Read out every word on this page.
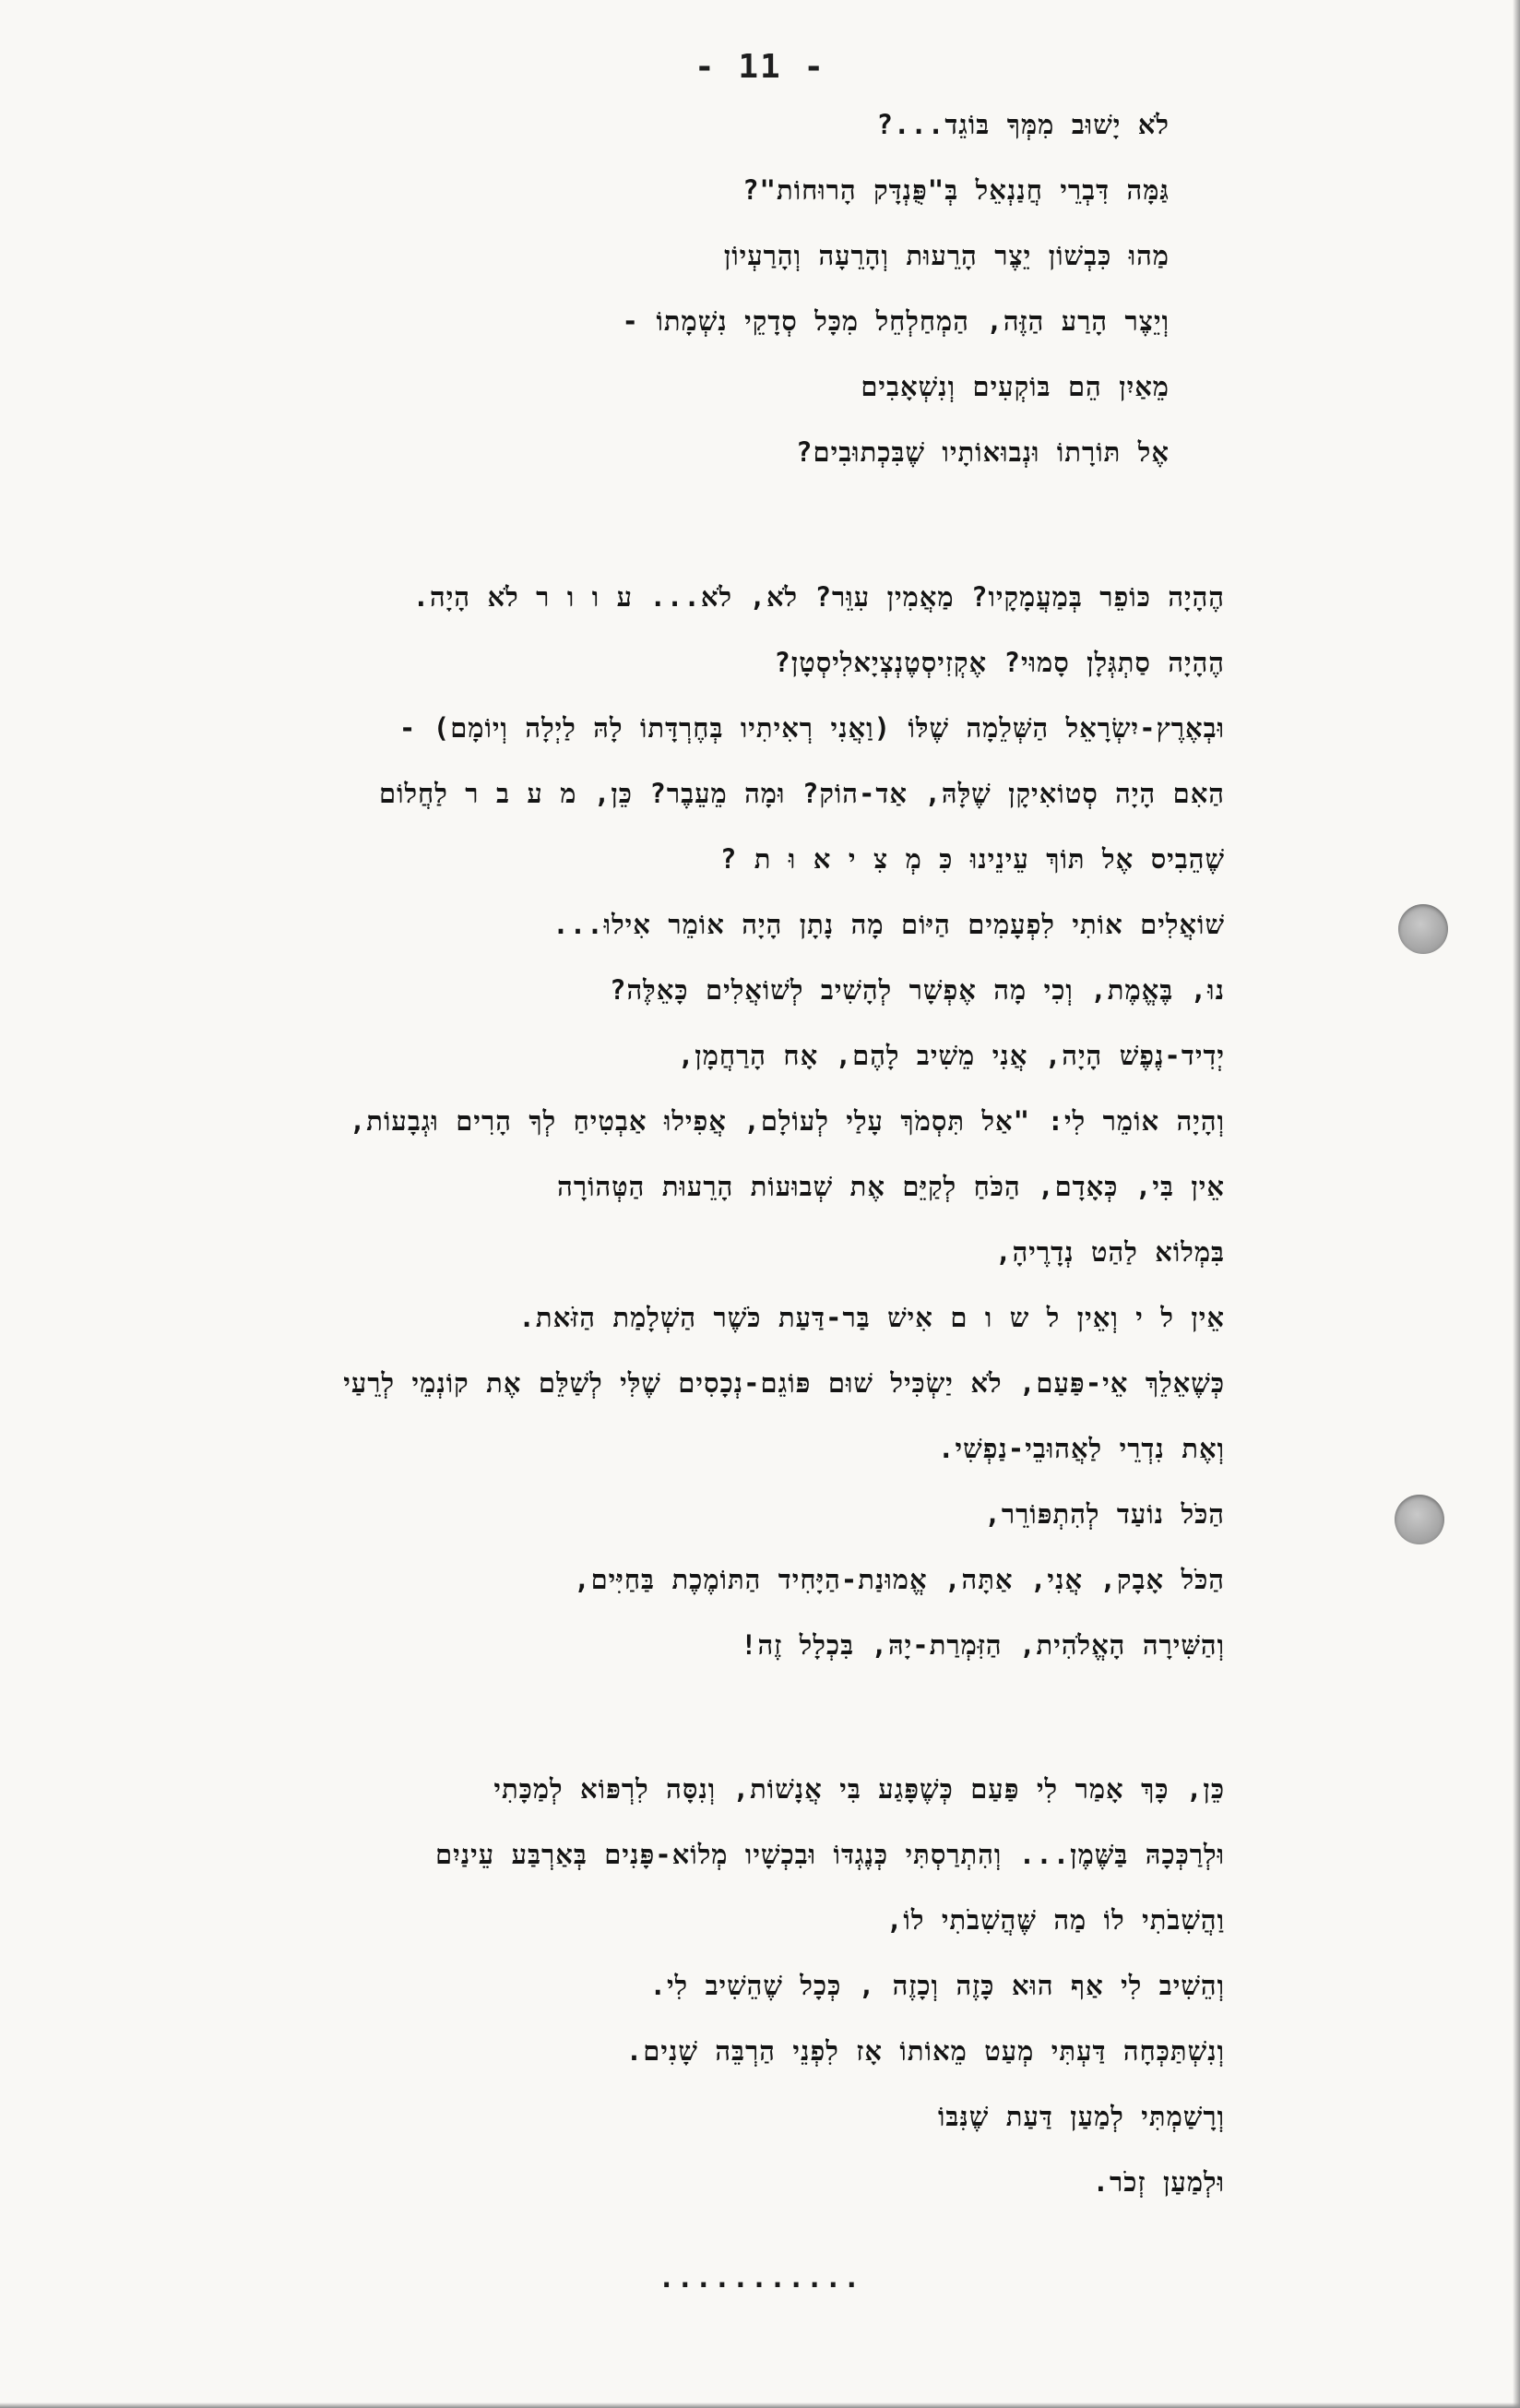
- 11 -
לֹא יָשׁוּב מִמְּךָ בּוֹגֵד...?
גַּמָּה דִּבְרֵי חֲנַנְאֵל בְּ"פֻּנְדָּק הָרוּחוֹת"?
מַהוּ כִּבְשׁוֹן יֵצֶר הָרֵעוּת וְהָרֵעָה וְהָרַעְיוֹן
וְיֵצֶר הָרַע הַזֶּה, הַמְחַלְחֵל מִכָּל סְדָקֵי נִשְׁמָתוֹ -
מֵאַיִן הֵם בּוֹקְעִים וְנִשְׁאָבִים
אֶל תּוֹרָתוֹ וּנְבוּאוֹתָיו שֶׁבִּכְתוּבִים?
הֶהָיָה כּוֹפֵר בְּמַעֲמָקָיו? מַאֲמִין עִוֵּר? לֹא, לֹא... ע ו ו ר לֹא הָיָה.
הֶהָיָה סַתְגְּלָן סָמוּי? אֶקְזִיסְטֶנְצְיָאלִיסְטָן?
וּבְאֶרֶץ-יִשְׂרָאֵל הַשְּׁלֵמָה שֶׁלּוֹ (וַאֲנִי רְאִיתִיו בְּחֶרְדָּתוֹ לָהּ לַיְלָה וְיוֹמָם) -
הַאִם הָיָה סְטוֹאִיקָן שֶׁלָּהּ, אַד-הוֹק? וּמָה מֵעֵבֶר? כֵּן, מ ע ב ר לַחֲלוֹם
שֶׁהֵבִיס אֶל תּוֹךְ עֵינֵינוּ כִּ מְ צִ י א וּ ת ?
שׁוֹאֲלִים אוֹתִי לִפְעָמִים הַיּוֹם מָה נָתָן הָיָה אוֹמֵר אִילוּ...
נוּ, בֶּאֱמֶת, וְכִי מָה אֶפְשָׁר לְהָשִׁיב לְשׁוֹאֲלִים כָּאֵלֶּה?
יְדִיד-נֶפֶשׁ הָיָה, אֲנִי מֵשִׁיב לָהֶם, אָח הָרַחֲמָן,
וְהָיָה אוֹמֵר לִי: "אַל תִּסְמֹךְ עָלַי לְעוֹלָם, אֲפִילוּ אַבְטִיחַ לְךָ הָרִים וּגְבָעוֹת,
אֵין בִּי, כְּאָדָם, הַכֹּחַ לְקַיֵּם אֶת שְׁבוּעוֹת הָרֵעוּת הַטְּהוֹרָה
בִּמְלוֹא לַהַט נְדָרֶיהָ,
אֵין ל י וְאֵין ל ש ו ם אִישׁ בַּר-דַּעַת כֹּשֶׁר הַשְׁלָמַת הַזֹּאת.
כְּשֶׁאֵלֵךְ אֵי-פַּעַם, לֹא יַשְׂכִּיל שׁוּם פּוֹגֵם-נְכָסִים שֶׁלִּי לְשַׁלֵּם אֶת קוֹנְמֵי לְרֵעַי
וְאֶת נִדְרֵי לַאֲהוּבֵי-נַפְשִׁי.
הַכֹּל נוֹעַד לְהִתְפּוֹרֵר,
הַכֹּל אָבָק, אֲנִי, אַתָּה, אֱמוּנַת-הַיָּחִיד הַתּוֹמֶכֶת בַּחַיִּים,
וְהַשִּׁירָה הָאֱלֹהִית, הַזִּמְרַת-יָהּ, בִּכְלָל זֶה!
כֵּן, כָּךְ אָמַר לִי פַּעַם כְּשֶׁפָּגַע בִּי אֲנָשׁוֹת, וְנִסָּה לִרְפּוֹא לְמַכָּתִי
וּלְרַכְּכָהּ בַּשֶּׁמֶן... וְהִתְרַסְתִּי כְּנֶגְדּוֹ וּבִכְשָׁיו מְלוֹא-פָּנִים בְּאַרְבַּע עֵינַיִם
וַהֲשִׁבֹתִי לוֹ מַה שֶּׁהֲשִׁבֹתִי לוֹ,
וְהֵשִׁיב לִי אַף הוּא כָּזֶה וְכָזֶה , כְּכָל שֶׁהֵשִׁיב לִי.
וְנִשְׁתַּכְּחָה דַּעְתִּי מְעַט מֵאוֹתוֹ אָז לִפְנֵי הַרְבֵּה שָׁנִים.
וְרָשַׁמְתִּי לְמַעַן דַּעַת שֶׁנִּבּוֹ
וּלְמַעַן זְכֹר.
...........
